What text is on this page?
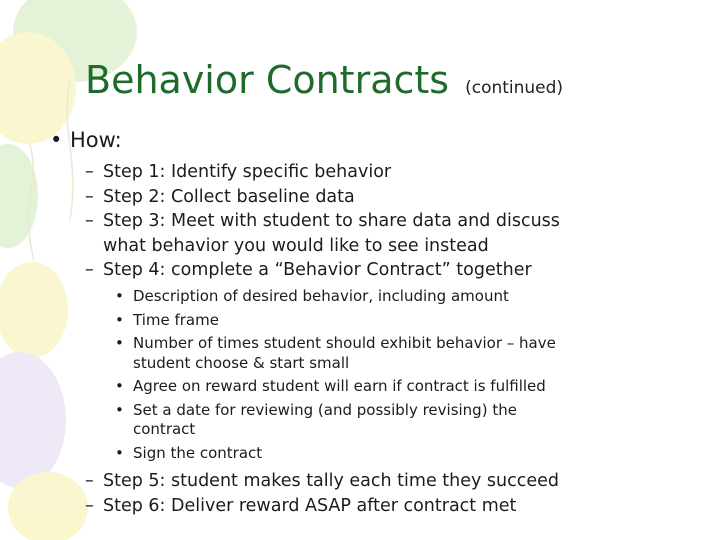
Behavior Contracts (continued)
• How:
– Step 1: Identify specific behavior
– Step 2: Collect baseline data
– Step 3: Meet with student to share data and discuss
what behavior you would like to see instead
– Step 4: complete a “Behavior Contract” together
• Description of desired behavior, including amount
• Time frame
• Number of times student should exhibit behavior – have
student choose & start small
• Agree on reward student will earn if contract is fulfilled
• Set a date for reviewing (and possibly revising) the
contract
• Sign the contract
– Step 5: student makes tally each time they succeed
– Step 6: Deliver reward ASAP after contract met
